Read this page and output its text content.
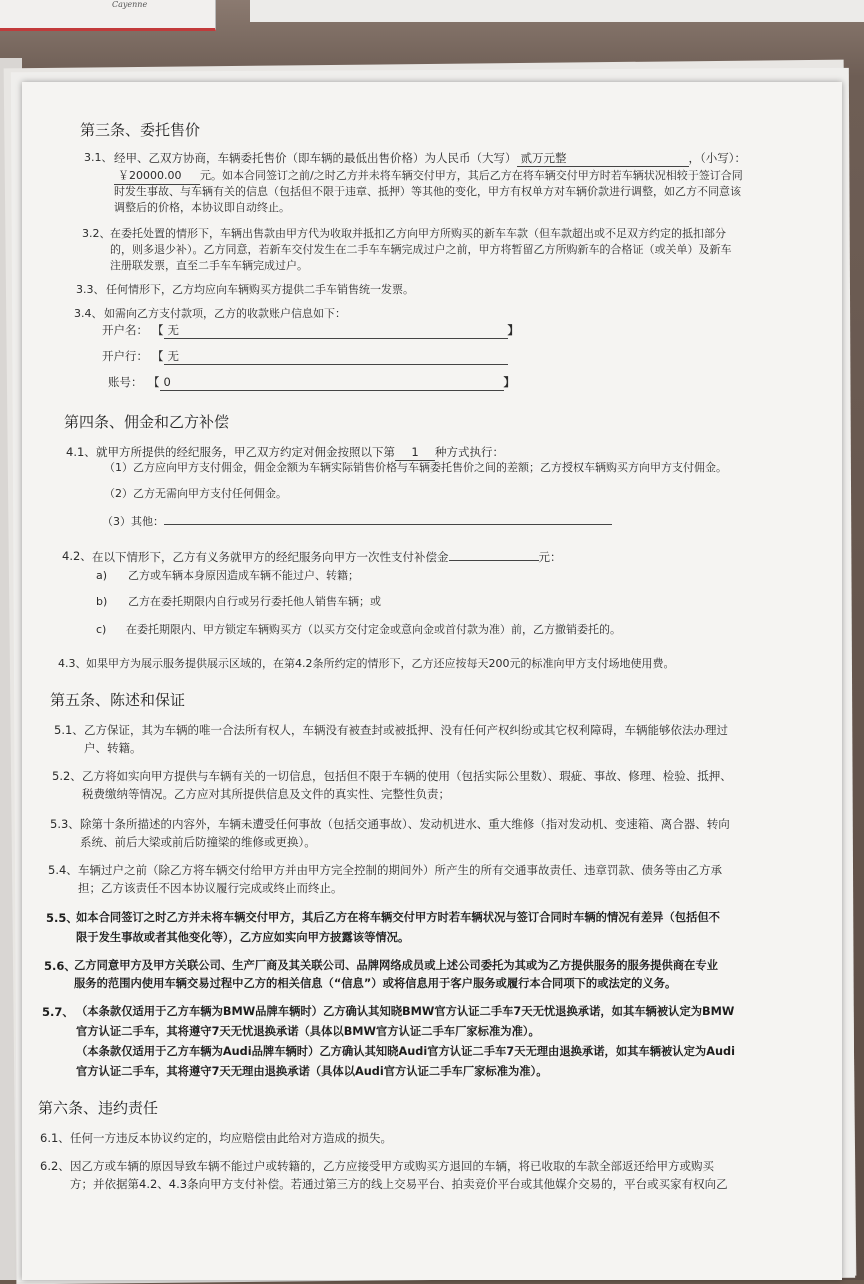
Cayenne
第三条、委托售价
3.1、 经甲、乙双方协商，车辆委托售价（即车辆的最低出售价格）为人民币（大写） 贰万元整	，（小写）：
￥20000.00 元。如本合同签订之前/之时乙方并未将车辆交付甲方，其后乙方在将车辆交付甲方时若车辆状况相较于签订合同
时发生事故、与车辆有关的信息（包括但不限于违章、抵押）等其他的变化，甲方有权单方对车辆价款进行调整，如乙方不同意该
调整后的价格，本协议即自动终止。
3.2、 在委托处置的情形下，车辆出售款由甲方代为收取并抵扣乙方向甲方所购买的新车车款（但车款超出或不足双方约定的抵扣部分
的，则多退少补）。乙方同意，若新车交付发生在二手车车辆完成过户之前，甲方将暂留乙方所购新车的合格证（或关单）及新车
注册联发票，直至二手车车辆完成过户。
3.3、 任何情形下，乙方均应向车辆购买方提供二手车销售统一发票。
3.4、 如需向乙方支付款项，乙方的收款账户信息如下：
开户名： 【 无	】
开户行： 【 无
账号： 【 0	】
第四条、佣金和乙方补偿
4.1、 就甲方所提供的经纪服务，甲乙双方约定对佣金按照以下第 1 种方式执行：
（1）乙方应向甲方支付佣金，佣金金额为车辆实际销售价格与车辆委托售价之间的差额；乙方授权车辆购买方向甲方支付佣金。
（2）乙方无需向甲方支付任何佣金。
（3）其他：
4.2、 在以下情形下，乙方有义务就甲方的经纪服务向甲方一次性支付补偿金	元：
a) 乙方或车辆本身原因造成车辆不能过户、转籍；
b) 乙方在委托期限内自行或另行委托他人销售车辆；或
c) 在委托期限内、甲方锁定车辆购买方（以买方交付定金或意向金或首付款为准）前，乙方撤销委托的。
4.3、 如果甲方为展示服务提供展示区域的，在第4.2条所约定的情形下，乙方还应按每天200元的标准向甲方支付场地使用费。
第五条、陈述和保证
5.1、 乙方保证，其为车辆的唯一合法所有权人，车辆没有被查封或被抵押、没有任何产权纠纷或其它权利障碍，车辆能够依法办理过
户、转籍。
5.2、 乙方将如实向甲方提供与车辆有关的一切信息，包括但不限于车辆的使用（包括实际公里数）、瑕疵、事故、修理、检验、抵押、
税费缴纳等情况。乙方应对其所提供信息及文件的真实性、完整性负责；
5.3、 除第十条所描述的内容外，车辆未遭受任何事故（包括交通事故）、发动机进水、重大维修（指对发动机、变速箱、离合器、转向
系统、前后大梁或前后防撞梁的维修或更换）。
5.4、 车辆过户之前（除乙方将车辆交付给甲方并由甲方完全控制的期间外）所产生的所有交通事故责任、违章罚款、债务等由乙方承
担；乙方该责任不因本协议履行完成或终止而终止。
5.5、
如本合同签订之时乙方并未将车辆交付甲方，其后乙方在将车辆交付甲方时若车辆状况与签订合同时车辆的情况有差异（包括但不
限于发生事故或者其他变化等），乙方应如实向甲方披露该等情况。
5.6、
乙方同意甲方及甲方关联公司、生产厂商及其关联公司、品牌网络成员或上述公司委托为其或为乙方提供服务的服务提供商在专业
服务的范围内使用车辆交易过程中乙方的相关信息（“信息”）或将信息用于客户服务或履行本合同项下的或法定的义务。
5.7、 （本条款仅适用于乙方车辆为BMW品牌车辆时）乙方确认其知晓BMW官方认证二手车7天无忧退换承诺，如其车辆被认定为BMW
官方认证二手车，其将遵守7天无忧退换承诺（具体以BMW官方认证二手车厂家标准为准）。
（本条款仅适用于乙方车辆为Audi品牌车辆时）乙方确认其知晓Audi官方认证二手车7天无理由退换承诺，如其车辆被认定为Audi
官方认证二手车，其将遵守7天无理由退换承诺（具体以Audi官方认证二手车厂家标准为准）。
第六条、违约责任
6.1、 任何一方违反本协议约定的，均应赔偿由此给对方造成的损失。
6.2、 因乙方或车辆的原因导致车辆不能过户或转籍的，乙方应接受甲方或购买方退回的车辆，将已收取的车款全部返还给甲方或购买
方；并依据第4.2、4.3条向甲方支付补偿。若通过第三方的线上交易平台、拍卖竞价平台或其他媒介交易的，平台或买家有权向乙
